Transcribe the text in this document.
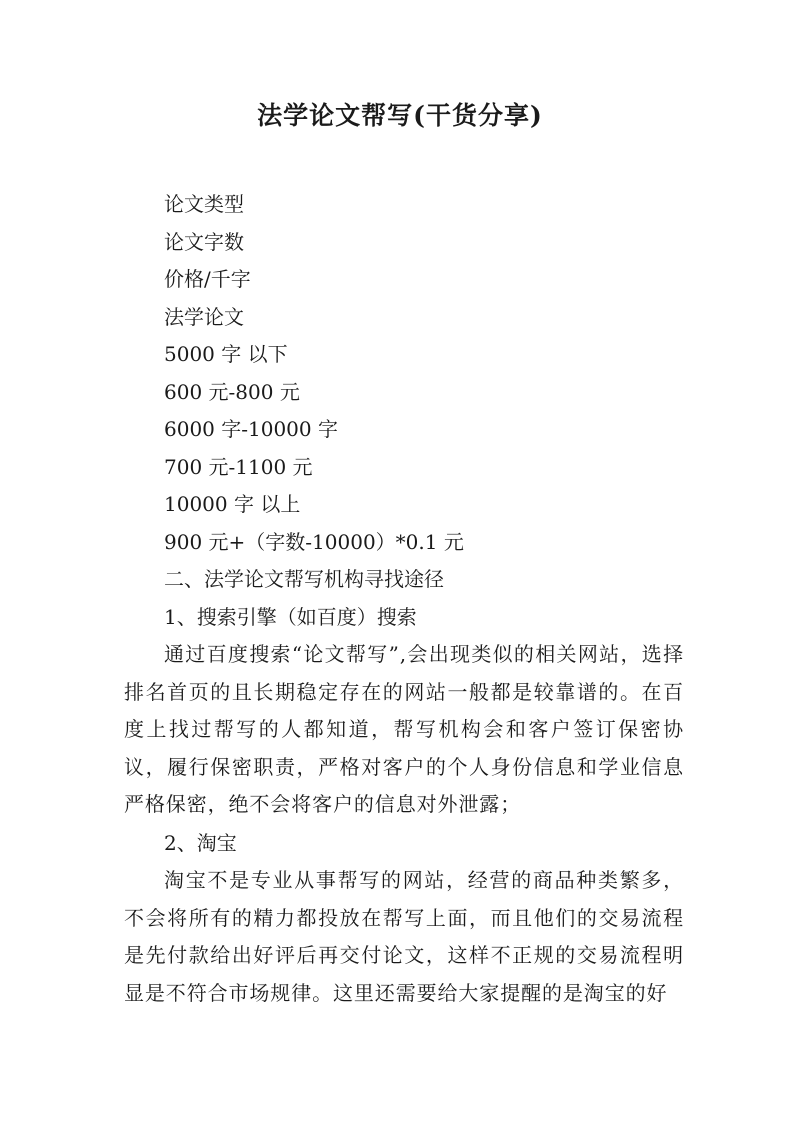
法学论文帮写(干货分享)

论文类型

论文字数

价格/千字

法学论文

5000 字 以下

600 元-800 元

6000 字-10000 字

700 元-1100 元

10000 字 以上

900 元+（字数-10000）*0.1 元

二、法学论文帮写机构寻找途径

1、搜索引擎（如百度）搜索

通过百度搜索“论文帮写”,会出现类似的相关网站，选择排名首页的且长期稳定存在的网站一般都是较靠谱的。在百度上找过帮写的人都知道，帮写机构会和客户签订保密协议，履行保密职责，严格对客户的个人身份信息和学业信息严格保密，绝不会将客户的信息对外泄露；

2、淘宝

淘宝不是专业从事帮写的网站，经营的商品种类繁多，不会将所有的精力都投放在帮写上面，而且他们的交易流程是先付款给出好评后再交付论文，这样不正规的交易流程明显是不符合市场规律。这里还需要给大家提醒的是淘宝的好
